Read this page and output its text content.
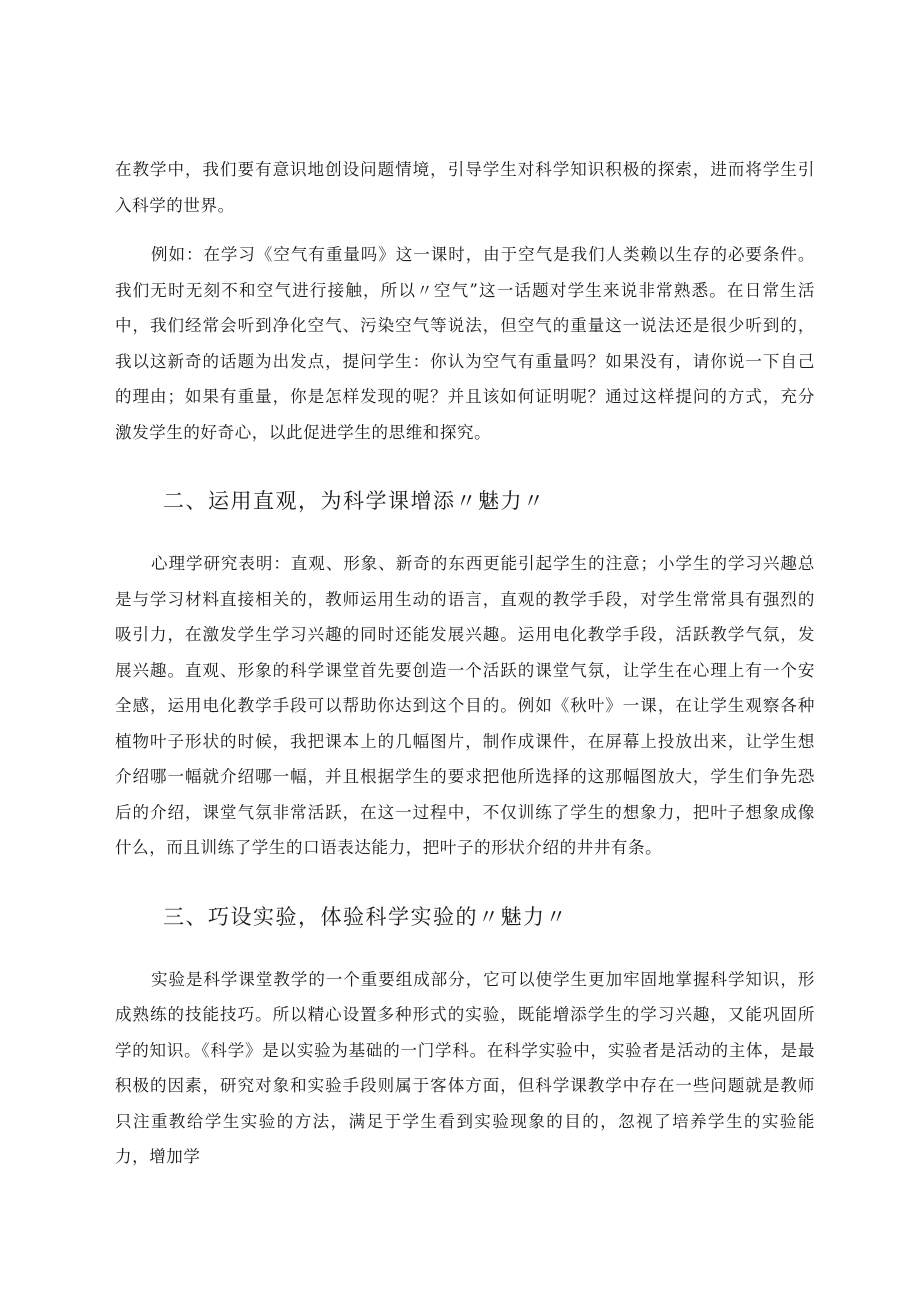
在教学中，我们要有意识地创设问题情境，引导学生对科学知识积极的探索，进而将学生引入科学的世界。

例如：在学习《空气有重量吗》这一课时，由于空气是我们人类赖以生存的必要条件。我们无时无刻不和空气进行接触，所以〃空气”这一话题对学生来说非常熟悉。在日常生活中，我们经常会听到净化空气、污染空气等说法，但空气的重量这一说法还是很少听到的，我以这新奇的话题为出发点，提问学生：你认为空气有重量吗？如果没有，请你说一下自己的理由；如果有重量，你是怎样发现的呢？并且该如何证明呢？通过这样提问的方式，充分激发学生的好奇心，以此促进学生的思维和探究。

二、运用直观，为科学课增添〃魅力〃

心理学研究表明：直观、形象、新奇的东西更能引起学生的注意；小学生的学习兴趣总是与学习材料直接相关的，教师运用生动的语言，直观的教学手段，对学生常常具有强烈的吸引力，在激发学生学习兴趣的同时还能发展兴趣。运用电化教学手段，活跃教学气氛，发展兴趣。直观、形象的科学课堂首先要创造一个活跃的课堂气氛，让学生在心理上有一个安全感，运用电化教学手段可以帮助你达到这个目的。例如《秋叶》一课，在让学生观察各种植物叶子形状的时候，我把课本上的几幅图片，制作成课件，在屏幕上投放出来，让学生想介绍哪一幅就介绍哪一幅，并且根据学生的要求把他所选择的这那幅图放大，学生们争先恐后的介绍，课堂气氛非常活跃，在这一过程中，不仅训练了学生的想象力，把叶子想象成像什么，而且训练了学生的口语表达能力，把叶子的形状介绍的井井有条。

三、巧设实验，体验科学实验的〃魅力〃

实验是科学课堂教学的一个重要组成部分，它可以使学生更加牢固地掌握科学知识，形成熟练的技能技巧。所以精心设置多种形式的实验，既能增添学生的学习兴趣，又能巩固所学的知识。《科学》是以实验为基础的一门学科。在科学实验中，实验者是活动的主体，是最积极的因素，研究对象和实验手段则属于客体方面，但科学课教学中存在一些问题就是教师只注重教给学生实验的方法，满足于学生看到实验现象的目的，忽视了培养学生的实验能力，增加学
